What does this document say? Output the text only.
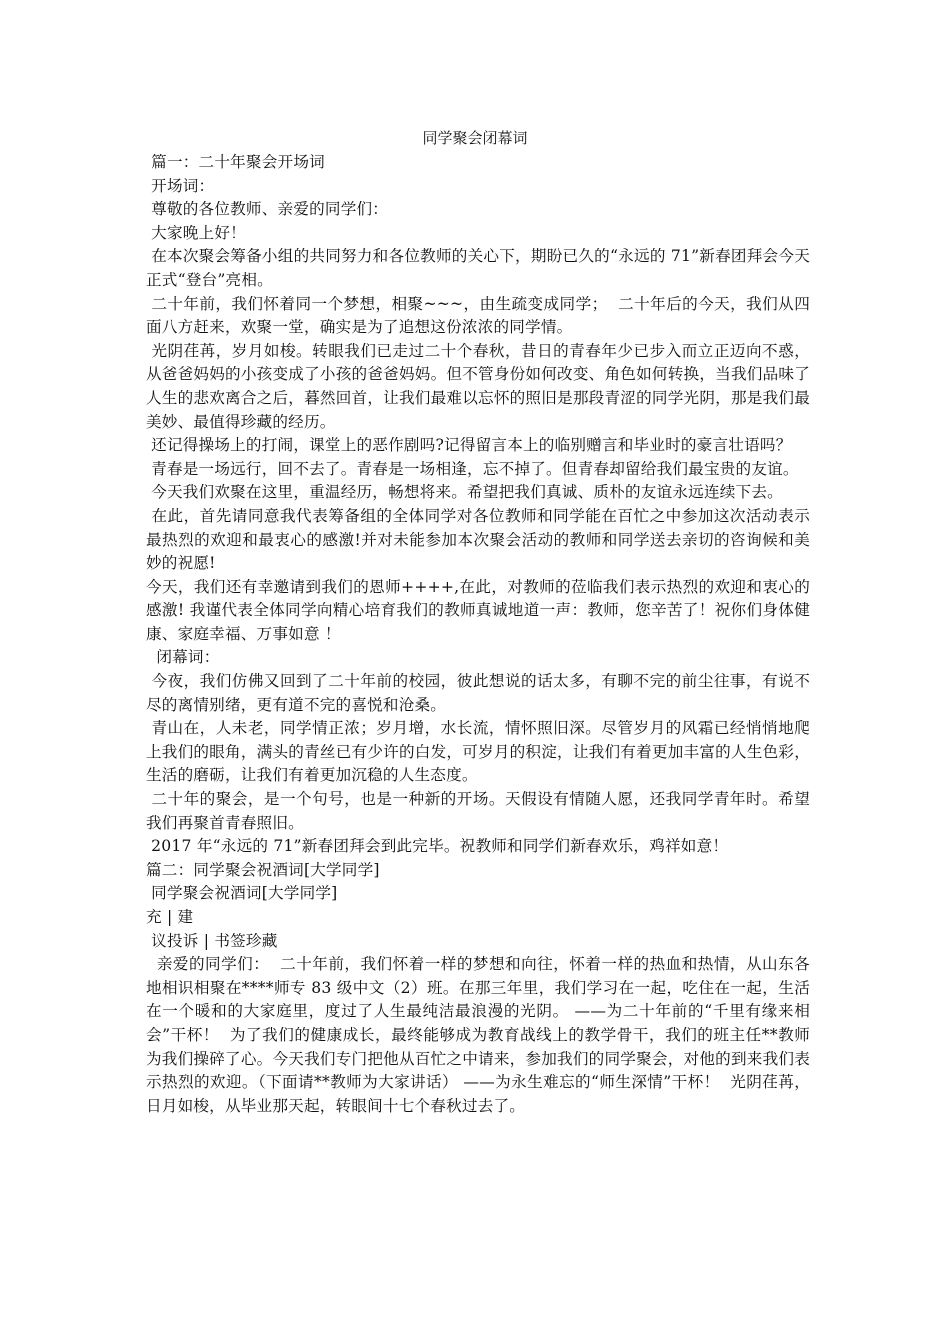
同学聚会闭幕词

篇一：二十年聚会开场词

开场词：

尊敬的各位教师、亲爱的同学们：

大家晚上好！

在本次聚会筹备小组的共同努力和各位教师的关心下，期盼已久的“永远的 71”新春团拜会今天正式“登台”亮相。

二十年前，我们怀着同一个梦想，相聚~~~，由生疏变成同学；  二十年后的今天，我们从四面八方赶来，欢聚一堂，确实是为了追想这份浓浓的同学情。

光阴荏苒，岁月如梭。转眼我们已走过二十个春秋，昔日的青春年少已步入而立正迈向不惑，从爸爸妈妈的小孩变成了小孩的爸爸妈妈。但不管身份如何改变、角色如何转换，当我们品味了人生的悲欢离合之后，暮然回首，让我们最难以忘怀的照旧是那段青涩的同学光阴，那是我们最美妙、最值得珍藏的经历。

还记得操场上的打闹，课堂上的恶作剧吗?记得留言本上的临别赠言和毕业时的豪言壮语吗？

青春是一场远行，回不去了。青春是一场相逢，忘不掉了。但青春却留给我们最宝贵的友谊。

今天我们欢聚在这里，重温经历，畅想将来。希望把我们真诚、质朴的友谊永远连续下去。

在此，首先请同意我代表筹备组的全体同学对各位教师和同学能在百忙之中参加这次活动表示最热烈的欢迎和最衷心的感激!并对未能参加本次聚会活动的教师和同学送去亲切的咨询候和美妙的祝愿!

今天，我们还有幸邀请到我们的恩师++++,在此，对教师的莅临我们表示热烈的欢迎和衷心的感激! 我谨代表全体同学向精心培育我们的教师真诚地道一声：教师，您辛苦了！祝你们身体健康、家庭幸福、万事如意 ！

闭幕词：

今夜，我们仿佛又回到了二十年前的校园，彼此想说的话太多，有聊不完的前尘往事，有说不尽的离情别绪，更有道不完的喜悦和沧桑。

青山在，人未老，同学情正浓；岁月增，水长流，情怀照旧深。尽管岁月的风霜已经悄悄地爬上我们的眼角，满头的青丝已有少许的白发，可岁月的积淀，让我们有着更加丰富的人生色彩，生活的磨砺，让我们有着更加沉稳的人生态度。

二十年的聚会，是一个句号，也是一种新的开场。天假设有情随人愿，还我同学青年时。希望我们再聚首青春照旧。

2017 年“永远的 71”新春团拜会到此完毕。祝教师和同学们新春欢乐，鸡祥如意！

篇二：同学聚会祝酒词[大学同学]

同学聚会祝酒词[大学同学]

充 | 建

议投诉 | 书签珍藏

亲爱的同学们：  二十年前，我们怀着一样的梦想和向往，怀着一样的热血和热情，从山东各地相识相聚在****师专 83 级中文（2）班。在那三年里，我们学习在一起，吃住在一起，生活在一个暖和的大家庭里，度过了人生最纯洁最浪漫的光阴。 ——为二十年前的“千里有缘来相会”干杯！  为了我们的健康成长，最终能够成为教育战线上的教学骨干，我们的班主任**教师为我们操碎了心。今天我们专门把他从百忙之中请来，参加我们的同学聚会，对他的到来我们表示热烈的欢迎。（下面请**教师为大家讲话） ——为永生难忘的“师生深情”干杯！  光阴荏苒，日月如梭，从毕业那天起，转眼间十七个春秋过去了。
